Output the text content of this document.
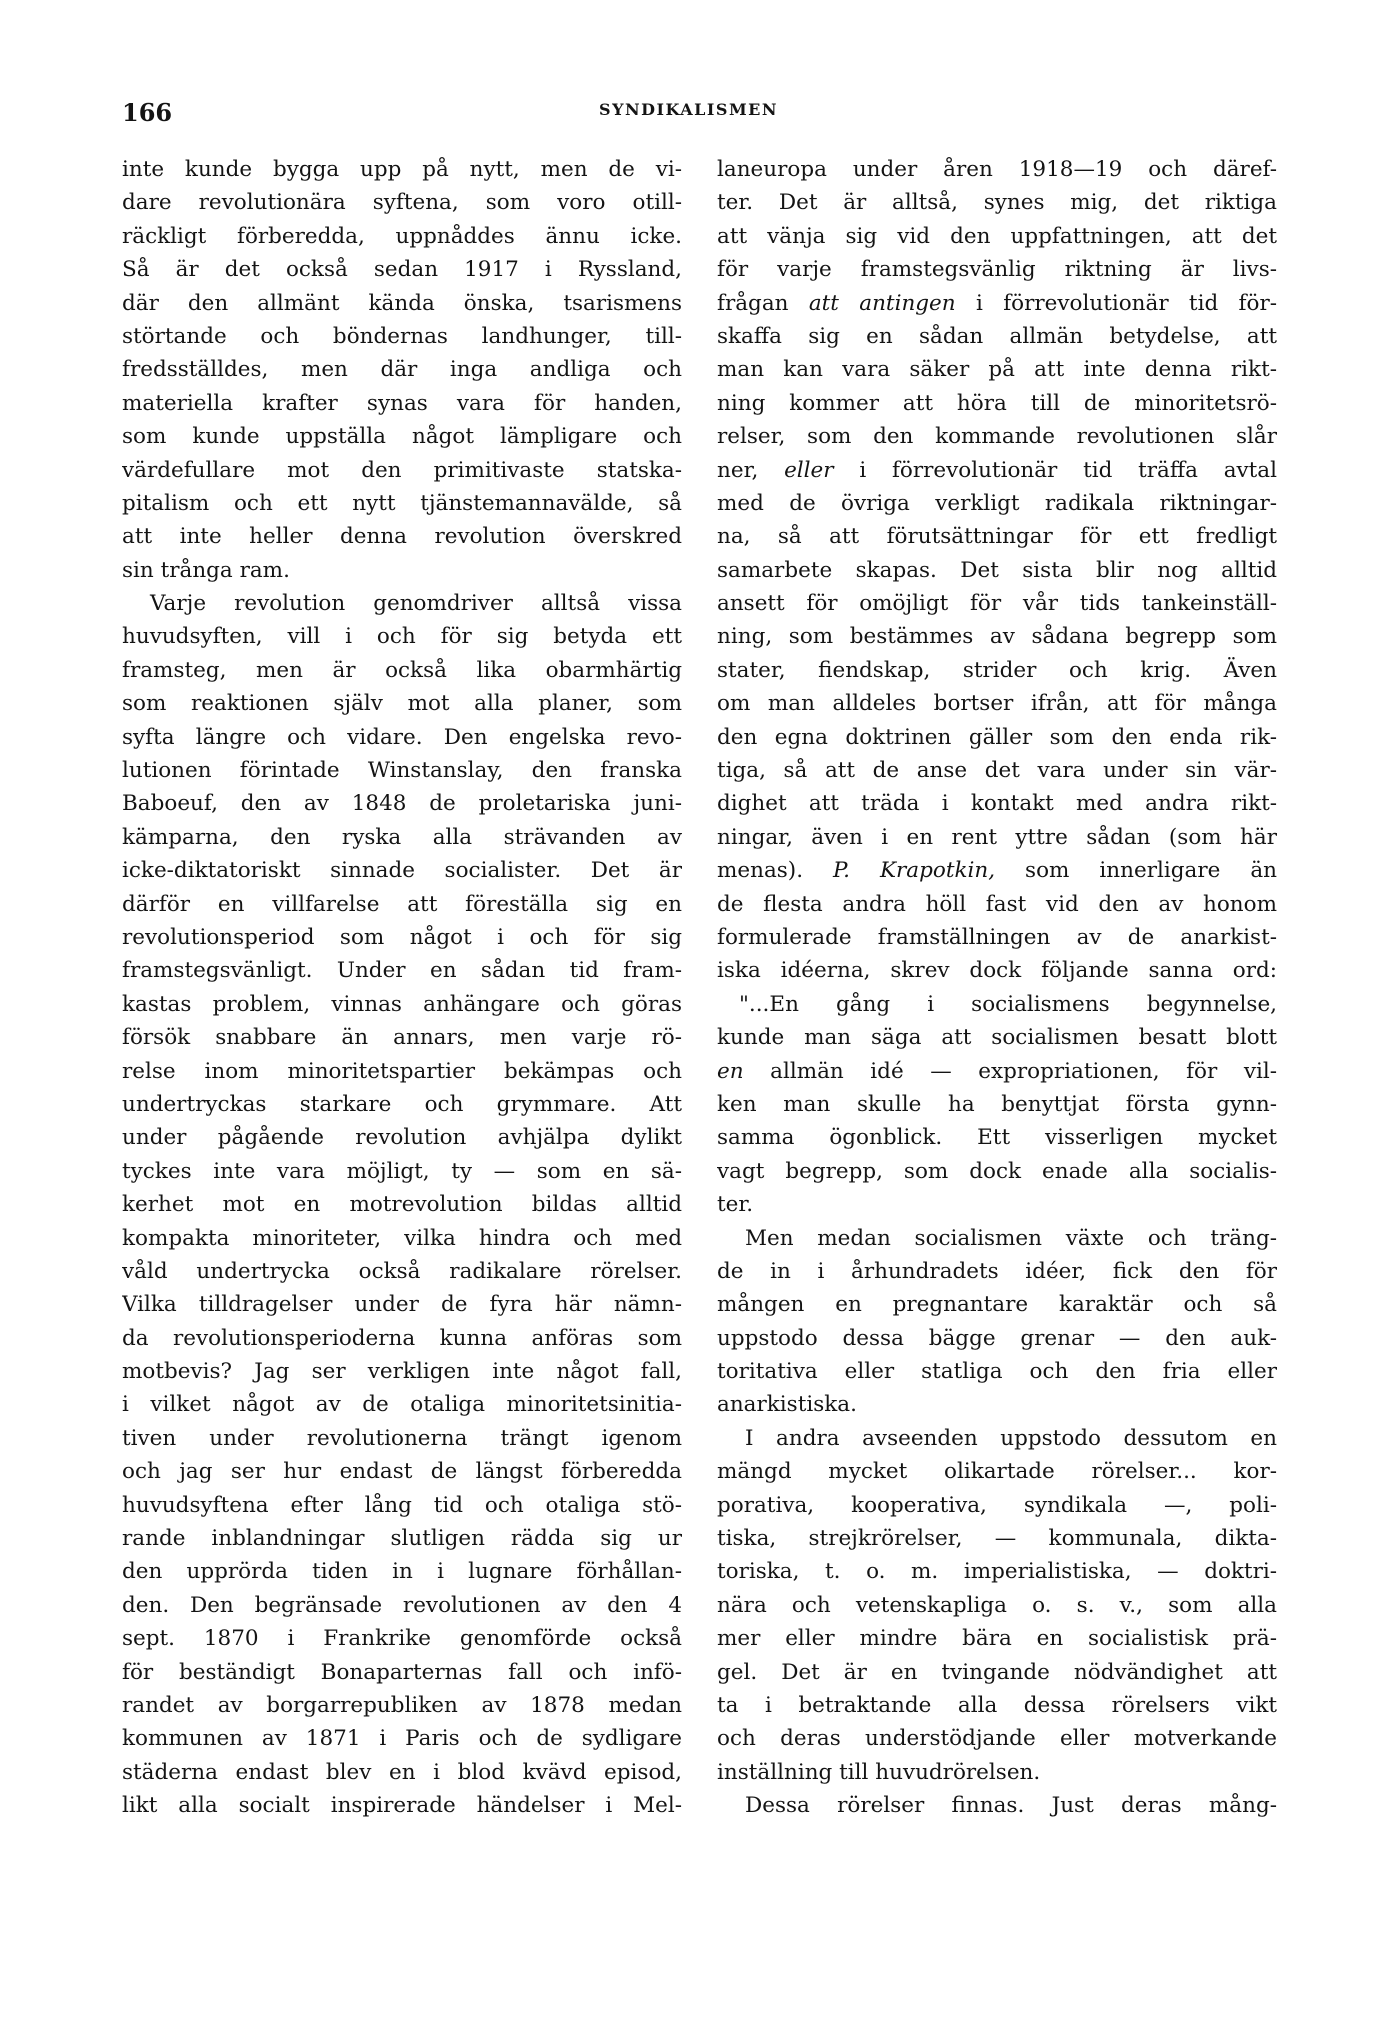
166	SYNDIKALISMEN
inte kunde bygga upp på nytt, men de vi-
dare revolutionära syftena, som voro otill-
räckligt förberedda, uppnåddes ännu icke.
Så är det också sedan 1917 i Ryssland,
där den allmänt kända önska, tsarismens
störtande och böndernas landhunger, till-
fredsställdes, men där inga andliga och
materiella krafter synas vara för handen,
som kunde uppställa något lämpligare och
värdefullare mot den primitivaste statska-
pitalism och ett nytt tjänstemannavälde, så
att inte heller denna revolution överskred
sin trånga ram.
Varje revolution genomdriver alltså vissa
huvudsyften, vill i och för sig betyda ett
framsteg, men är också lika obarmhärtig
som reaktionen själv mot alla planer, som
syfta längre och vidare. Den engelska revo-
lutionen förintade Winstanslay, den franska
Baboeuf, den av 1848 de proletariska juni-
kämparna, den ryska alla strävanden av
icke-diktatoriskt sinnade socialister. Det är
därför en villfarelse att föreställa sig en
revolutionsperiod som något i och för sig
framstegsvänligt. Under en sådan tid fram-
kastas problem, vinnas anhängare och göras
försök snabbare än annars, men varje rö-
relse inom minoritetspartier bekämpas och
undertryckas starkare och grymmare. Att
under pågående revolution avhjälpa dylikt
tyckes inte vara möjligt, ty — som en sä-
kerhet mot en motrevolution bildas alltid
kompakta minoriteter, vilka hindra och med
våld undertrycka också radikalare rörelser.
Vilka tilldragelser under de fyra här nämn-
da revolutionsperioderna kunna anföras som
motbevis? Jag ser verkligen inte något fall,
i vilket något av de otaliga minoritetsinitia-
tiven under revolutionerna trängt igenom
och jag ser hur endast de längst förberedda
huvudsyftena efter lång tid och otaliga stö-
rande inblandningar slutligen rädda sig ur
den upprörda tiden in i lugnare förhållan-
den. Den begränsade revolutionen av den 4
sept. 1870 i Frankrike genomförde också
för beständigt Bonaparternas fall och infö-
randet av borgarrepubliken av 1878 medan
kommunen av 1871 i Paris och de sydligare
städerna endast blev en i blod kvävd episod,
likt alla socialt inspirerade händelser i Mel-
laneuropa under åren 1918—19 och däref-
ter. Det är alltså, synes mig, det riktiga
att vänja sig vid den uppfattningen, att det
för varje framstegsvänlig riktning är livs-
frågan att antingen i förrevolutionär tid för-
skaffa sig en sådan allmän betydelse, att
man kan vara säker på att inte denna rikt-
ning kommer att höra till de minoritetsrö-
relser, som den kommande revolutionen slår
ner, eller i förrevolutionär tid träffa avtal
med de övriga verkligt radikala riktningar-
na, så att förutsättningar för ett fredligt
samarbete skapas. Det sista blir nog alltid
ansett för omöjligt för vår tids tankeinställ-
ning, som bestämmes av sådana begrepp som
stater, fiendskap, strider och krig. Även
om man alldeles bortser ifrån, att för många
den egna doktrinen gäller som den enda rik-
tiga, så att de anse det vara under sin vär-
dighet att träda i kontakt med andra rikt-
ningar, även i en rent yttre sådan (som här
menas). P. Krapotkin, som innerligare än
de flesta andra höll fast vid den av honom
formulerade framställningen av de anarkist-
iska idéerna, skrev dock följande sanna ord:
"...En gång i socialismens begynnelse,
kunde man säga att socialismen besatt blott
en allmän idé — expropriationen, för vil-
ken man skulle ha benyttjat första gynn-
samma ögonblick. Ett visserligen mycket
vagt begrepp, som dock enade alla socialis-
ter.
Men medan socialismen växte och träng-
de in i århundradets idéer, fick den för
mången en pregnantare karaktär och så
uppstodo dessa bägge grenar — den auk-
toritativa eller statliga och den fria eller
anarkistiska.
I andra avseenden uppstodo dessutom en
mängd mycket olikartade rörelser... kor-
porativa, kooperativa, syndikala —, poli-
tiska, strejkrörelser, — kommunala, dikta-
toriska, t. o. m. imperialistiska, — doktri-
nära och vetenskapliga o. s. v., som alla
mer eller mindre bära en socialistisk prä-
gel. Det är en tvingande nödvändighet att
ta i betraktande alla dessa rörelsers vikt
och deras understödjande eller motverkande
inställning till huvudrörelsen.
Dessa rörelser finnas. Just deras mång-
